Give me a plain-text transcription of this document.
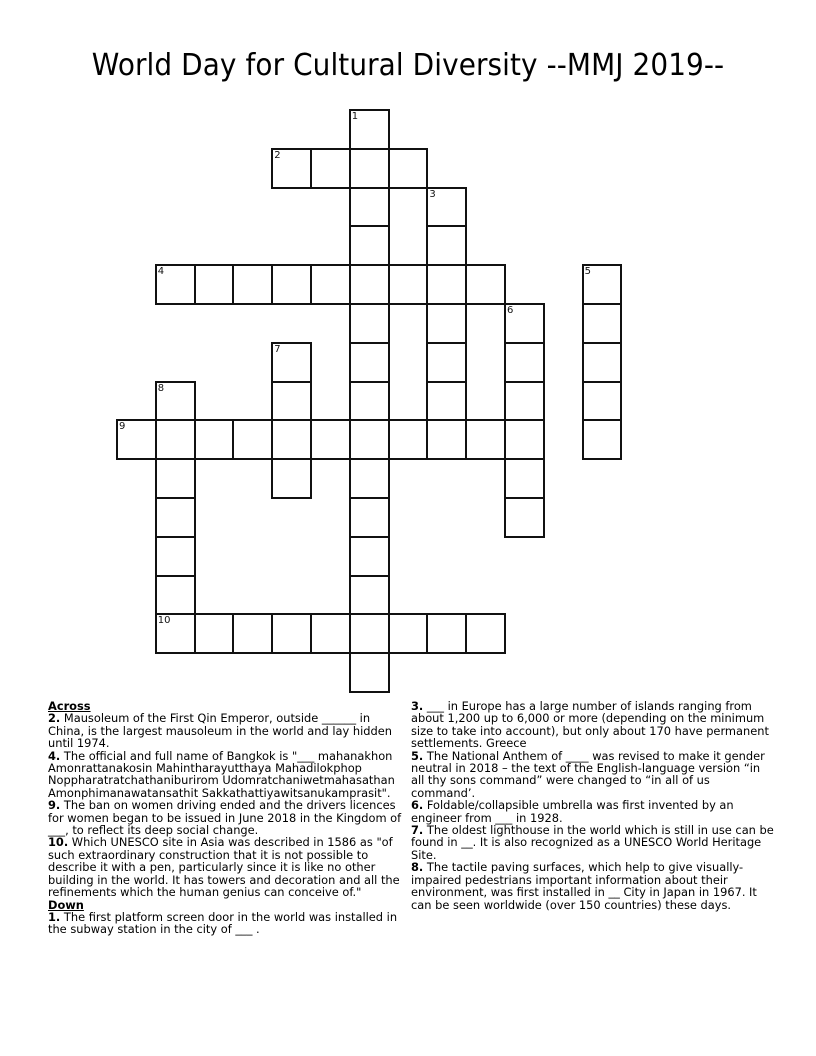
World Day for Cultural Diversity --MMJ 2019--
1
2
3
4	5
6
7
8
10
9
Across

2. Mausoleum of the First Qin Emperor, outside ______ in China, is the largest mausoleum in the world and lay hidden until 1974.

4. The official and full name of Bangkok is "___ mahanakhon Amonrattanakosin Mahintharayutthaya Mahadilokphop Noppharatratchathaniburirom Udomratchaniwetmahasathan Amonphimanawatansathit Sakkathattiyawitsanukamprasit".

9. The ban on women driving ended and the drivers licences for women began to be issued in June 2018 in the Kingdom of ___, to reflect its deep social change.

10. Which UNESCO site in Asia was described in 1586 as "of such extraordinary construction that it is not possible to describe it with a pen, particularly since it is like no other building in the world. It has towers and decoration and all the refinements which the human genius can conceive of."

Down

1. The first platform screen door in the world was installed in the subway station in the city of ___ .

3. ___ in Europe has a large number of islands ranging from about 1,200 up to 6,000 or more (depending on the minimum size to take into account), but only about 170 have permanent settlements. Greece

5. The National Anthem of ____ was revised to make it gender neutral in 2018 – the text of the English-language version “in all thy sons command” were changed to “in all of us command’.

6. Foldable/collapsible umbrella was first invented by an engineer from ___ in 1928.

7. The oldest lighthouse in the world which is still in use can be found in __. It is also recognized as a UNESCO World Heritage Site.

8. The tactile paving surfaces, which help to give visually-impaired pedestrians important information about their environment, was first installed in __ City in Japan in 1967. It can be seen worldwide (over 150 countries) these days.
